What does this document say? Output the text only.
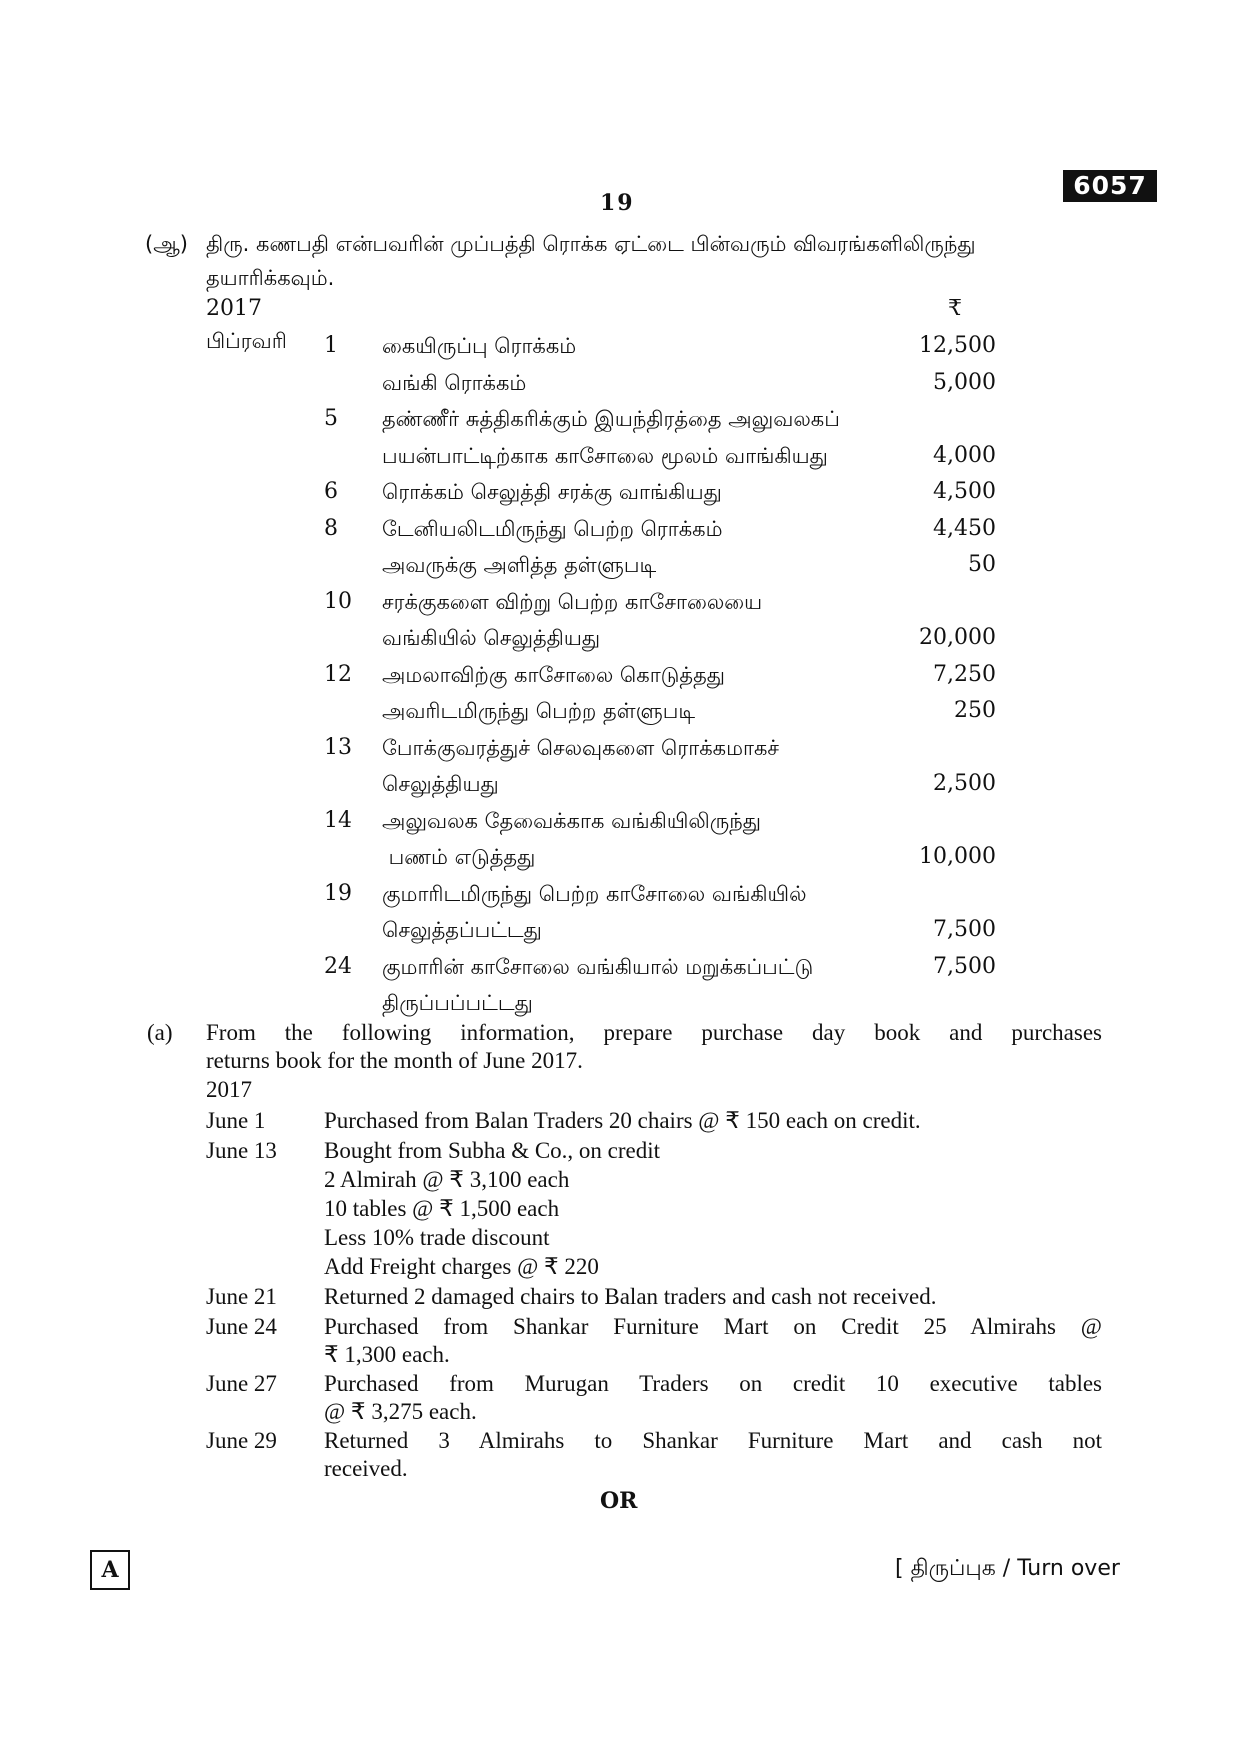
6057
19
(ஆ) திரு. கணபதி என்பவரின் முப்பத்தி ரொக்க ஏட்டை பின்வரும் விவரங்களிலிருந்து
தயாரிக்கவும்.
2017	₹
பிப்ரவரி 1 கையிருப்பு ரொக்கம்	12,500
வங்கி ரொக்கம்	5,000
5 தண்ணீர் சுத்திகரிக்கும் இயந்திரத்தை அலுவலகப்
பயன்பாட்டிற்காக காசோலை மூலம் வாங்கியது	4,000
6 ரொக்கம் செலுத்தி சரக்கு வாங்கியது	4,500
8 டேனியலிடமிருந்து பெற்ற ரொக்கம்	4,450
அவருக்கு அளித்த தள்ளுபடி	50
10 சரக்குகளை விற்று பெற்ற காசோலையை
வங்கியில் செலுத்தியது	20,000
12 அமலாவிற்கு காசோலை கொடுத்தது	7,250
அவரிடமிருந்து பெற்ற தள்ளுபடி	250
13 போக்குவரத்துச் செலவுகளை ரொக்கமாகச்
செலுத்தியது	2,500
14 அலுவலக தேவைக்காக வங்கியிலிருந்து
பணம் எடுத்தது	10,000
19 குமாரிடமிருந்து பெற்ற காசோலை வங்கியில்
செலுத்தப்பட்டது	7,500
24 குமாரின் காசோலை வங்கியால் மறுக்கப்பட்டு	7,500
திருப்பப்பட்டது
(a) From the following information, prepare purchase day book and purchases
returns book for the month of June 2017.
2017
June 1	Purchased from Balan Traders 20 chairs @ ₹ 150 each on credit.
June 13	Bought from Subha & Co., on credit
2 Almirah @ ₹ 3,100 each
10 tables @ ₹ 1,500 each
Less 10% trade discount
Add Freight charges @ ₹ 220
June 21	Returned 2 damaged chairs to Balan traders and cash not received.
June 24	Purchased from Shankar Furniture Mart on Credit 25 Almirahs @
₹ 1,300 each.
June 27	Purchased from Murugan Traders on credit 10 executive tables
@ ₹ 3,275 each.
June 29	Returned 3 Almirahs to Shankar Furniture Mart and cash not
received.
OR
A	[ திருப்புக / Turn over
